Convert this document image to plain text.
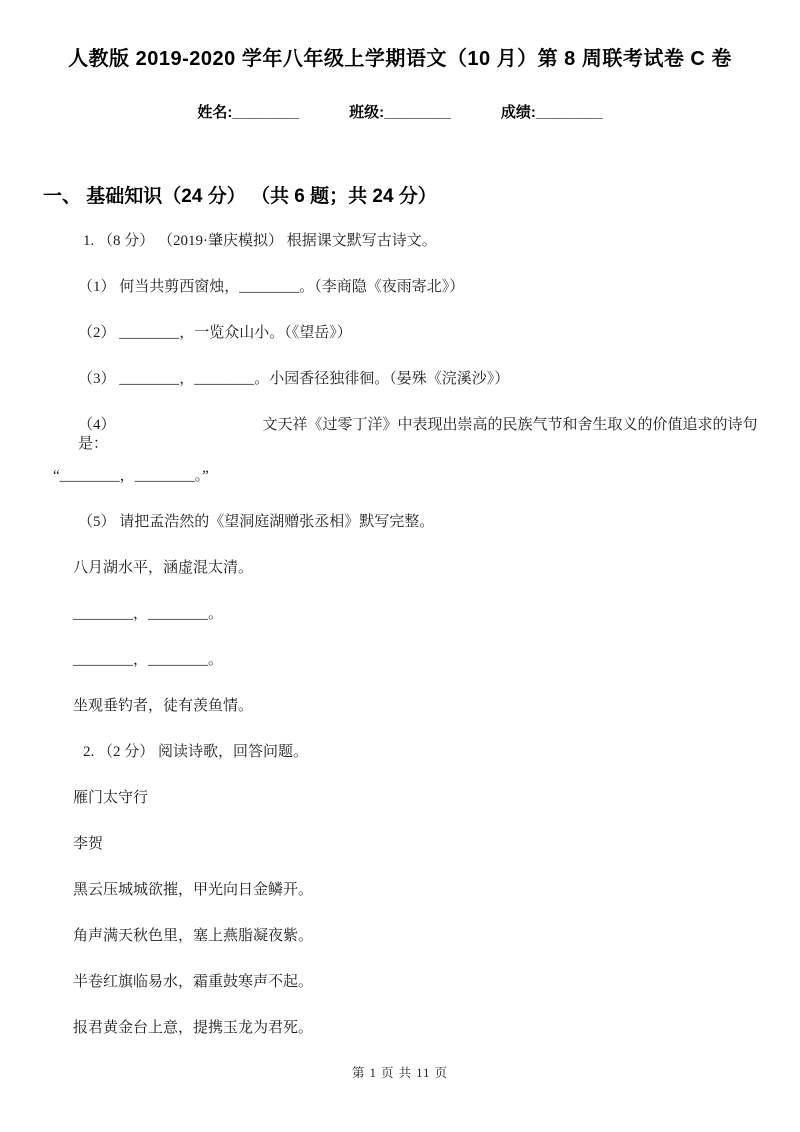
人教版 2019-2020 学年八年级上学期语文（10 月）第 8 周联考试卷 C 卷
姓名:________	班级:________	成绩:________
一、 基础知识（24 分） （共 6 题；共 24 分）

1. （8 分） （2019·肇庆模拟） 根据课文默写古诗文。

（1） 何当共剪西窗烛，________。（李商隐《夜雨寄北》）

（2） ________，一览众山小。（《望岳》）

（3） ________，________。小园香径独徘徊。（晏殊《浣溪沙》）

（4）	文天祥《过零丁洋》中表现出崇高的民族气节和舍生取义的价值追求的诗句是：

“________，________。”

（5） 请把孟浩然的《望洞庭湖赠张丞相》默写完整。

八月湖水平，涵虚混太清。

________，________。

________，________。

坐观垂钓者，徒有羡鱼情。

2. （2 分） 阅读诗歌，回答问题。

雁门太守行

李贺

黑云压城城欲摧，甲光向日金鳞开。

角声满天秋色里，塞上燕脂凝夜紫。

半卷红旗临易水，霜重鼓寒声不起。

报君黄金台上意，提携玉龙为君死。

第 1 页 共 11 页
